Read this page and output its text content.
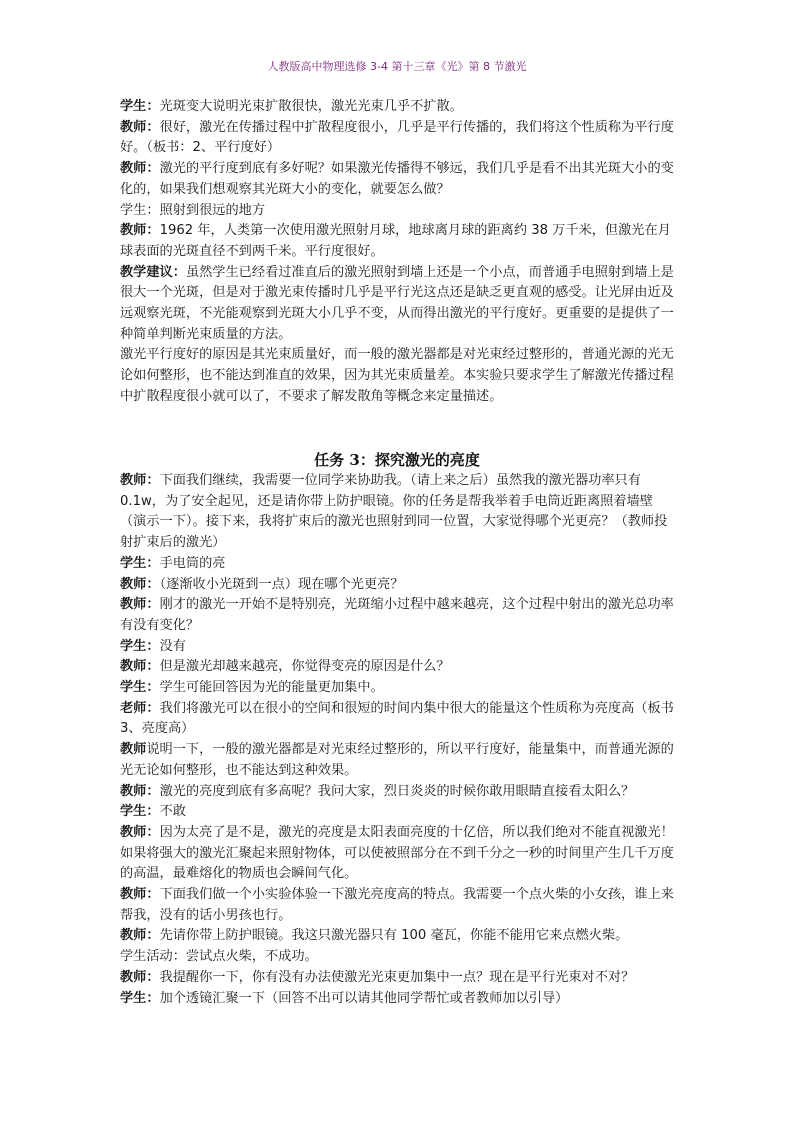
人教版高中物理选修 3-4 第十三章《光》第 8 节激光

学生：光斑变大说明光束扩散很快，激光光束几乎不扩散。

教师：很好，激光在传播过程中扩散程度很小，几乎是平行传播的，我们将这个性质称为平行度好。（板书：2、平行度好）

教师：激光的平行度到底有多好呢？如果激光传播得不够远，我们几乎是看不出其光斑大小的变化的，如果我们想观察其光斑大小的变化，就要怎么做？

学生：照射到很远的地方

教师：1962 年，人类第一次使用激光照射月球，地球离月球的距离约 38 万千米，但激光在月球表面的光斑直径不到两千米。平行度很好。

教学建议：虽然学生已经看过准直后的激光照射到墙上还是一个小点，而普通手电照射到墙上是很大一个光斑，但是对于激光束传播时几乎是平行光这点还是缺乏更直观的感受。让光屏由近及远观察光斑，不光能观察到光斑大小几乎不变，从而得出激光的平行度好。更重要的是提供了一种简单判断光束质量的方法。

激光平行度好的原因是其光束质量好，而一般的激光器都是对光束经过整形的，普通光源的光无论如何整形，也不能达到准直的效果，因为其光束质量差。本实验只要求学生了解激光传播过程中扩散程度很小就可以了，不要求了解发散角等概念来定量描述。

任务 3：探究激光的亮度

教师：下面我们继续，我需要一位同学来协助我。（请上来之后）虽然我的激光器功率只有 0.1w，为了安全起见，还是请你带上防护眼镜。你的任务是帮我举着手电筒近距离照着墙壁（演示一下）。接下来，我将扩束后的激光也照射到同一位置，大家觉得哪个光更亮？（教师投射扩束后的激光）

学生：手电筒的亮

教师：（逐渐收小光斑到一点）现在哪个光更亮？

教师：刚才的激光一开始不是特别亮，光斑缩小过程中越来越亮，这个过程中射出的激光总功率有没有变化？

学生：没有

教师：但是激光却越来越亮，你觉得变亮的原因是什么？

学生：学生可能回答因为光的能量更加集中。

老师：我们将激光可以在很小的空间和很短的时间内集中很大的能量这个性质称为亮度高（板书 3、亮度高）

教师说明一下，一般的激光器都是对光束经过整形的，所以平行度好，能量集中，而普通光源的光无论如何整形，也不能达到这种效果。

教师：激光的亮度到底有多高呢？我问大家，烈日炎炎的时候你敢用眼睛直接看太阳么？

学生：不敢

教师：因为太亮了是不是，激光的亮度是太阳表面亮度的十亿倍，所以我们绝对不能直视激光！如果将强大的激光汇聚起来照射物体，可以使被照部分在不到千分之一秒的时间里产生几千万度的高温，最难熔化的物质也会瞬间气化。

教师：下面我们做一个小实验体验一下激光亮度高的特点。我需要一个点火柴的小女孩，谁上来帮我，没有的话小男孩也行。

教师：先请你带上防护眼镜。我这只激光器只有 100 毫瓦，你能不能用它来点燃火柴。

学生活动：尝试点火柴，不成功。

教师：我提醒你一下，你有没有办法使激光光束更加集中一点？现在是平行光束对不对？

学生：加个透镜汇聚一下（回答不出可以请其他同学帮忙或者教师加以引导）
